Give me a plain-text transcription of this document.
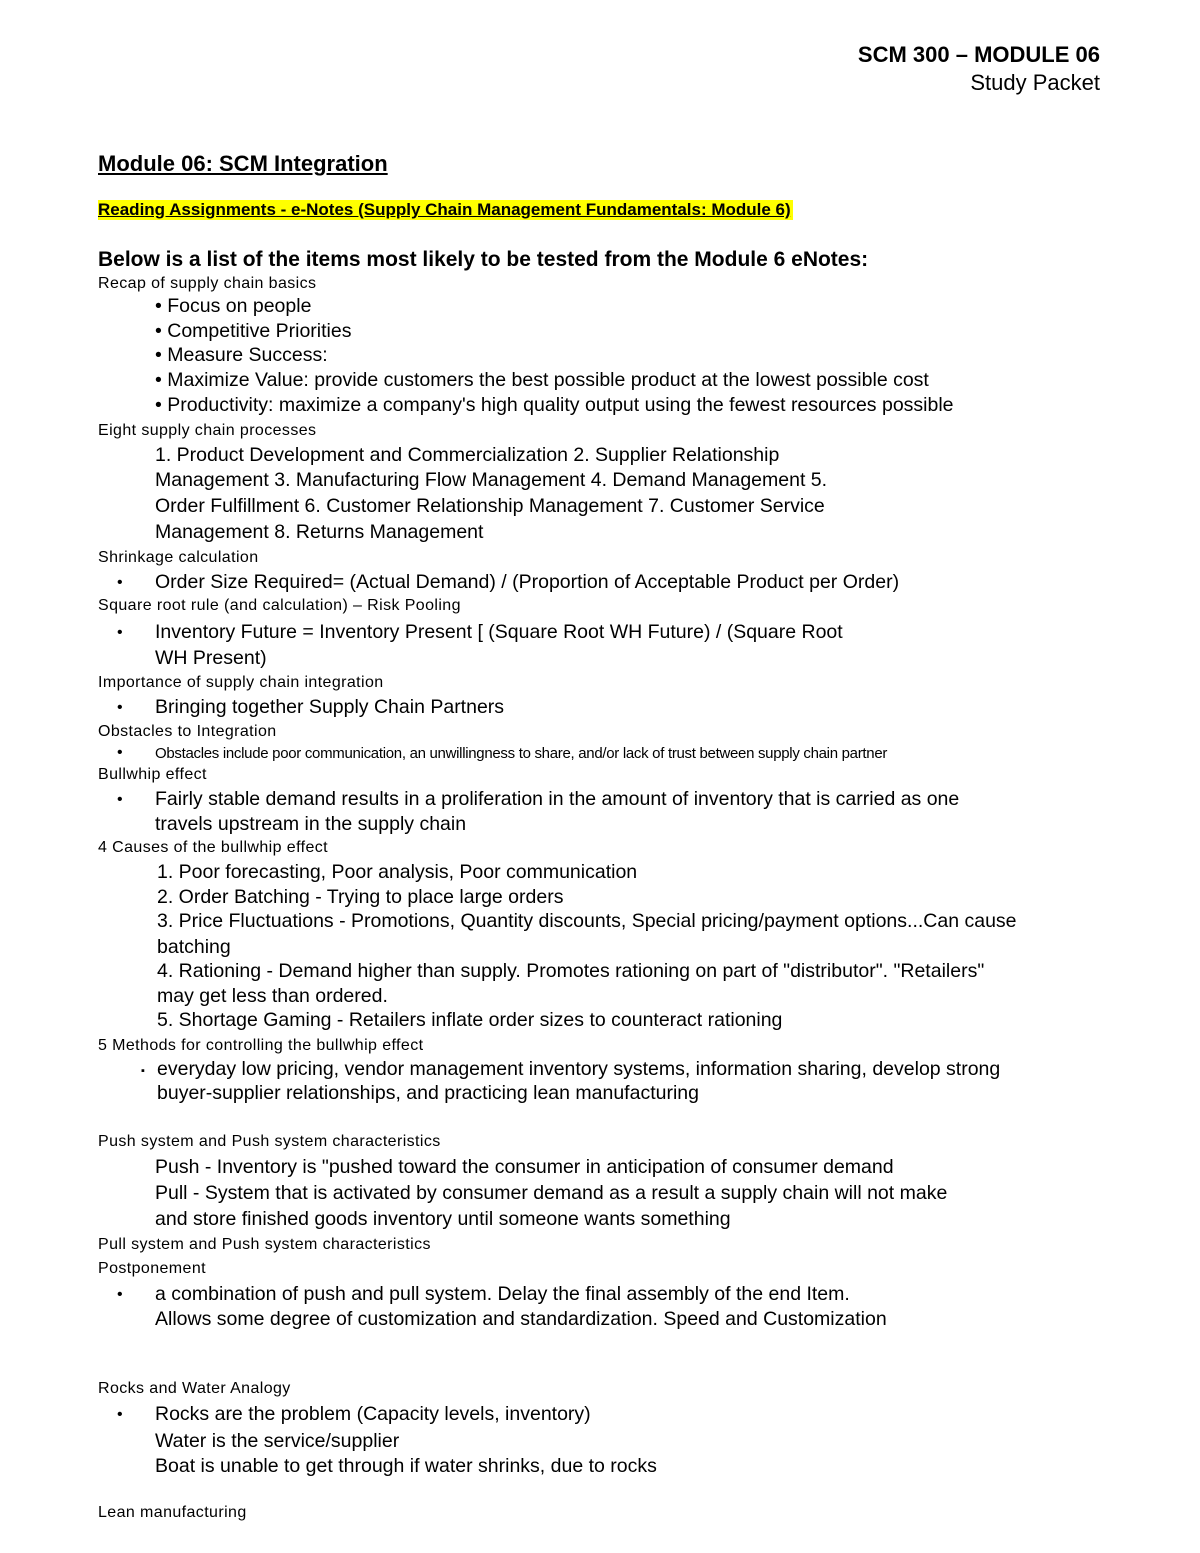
SCM 300 – MODULE 06
Study Packet
Module 06: SCM Integration
Reading Assignments - e-Notes (Supply Chain Management Fundamentals: Module 6)
Below is a list of the items most likely to be tested from the Module 6 eNotes:
Recap of supply chain basics
• Focus on people
• Competitive Priorities
• Measure Success:
• Maximize Value: provide customers the best possible product at the lowest possible cost
• Productivity: maximize a company's high quality output using the fewest resources possible
Eight supply chain processes
1. Product Development and Commercialization 2. Supplier Relationship
Management 3. Manufacturing Flow Management 4. Demand Management 5.
Order Fulfillment 6. Customer Relationship Management 7. Customer Service
Management 8. Returns Management
Shrinkage calculation
• Order Size Required= (Actual Demand) / (Proportion of Acceptable Product per Order)
Square root rule (and calculation) – Risk Pooling
• Inventory Future = Inventory Present [ (Square Root WH Future) / (Square Root
WH Present)
Importance of supply chain integration
• Bringing together Supply Chain Partners
Obstacles to Integration
• Obstacles include poor communication, an unwillingness to share, and/or lack of trust between supply chain partner
Bullwhip effect
• Fairly stable demand results in a proliferation in the amount of inventory that is carried as one
travels upstream in the supply chain
4 Causes of the bullwhip effect
1. Poor forecasting, Poor analysis, Poor communication
2. Order Batching - Trying to place large orders
3. Price Fluctuations - Promotions, Quantity discounts, Special pricing/payment options...Can cause
batching
4. Rationing - Demand higher than supply. Promotes rationing on part of "distributor". "Retailers"
may get less than ordered.
5. Shortage Gaming - Retailers inflate order sizes to counteract rationing
5 Methods for controlling the bullwhip effect
▪ everyday low pricing, vendor management inventory systems, information sharing, develop strong
buyer-supplier relationships, and practicing lean manufacturing
Push system and Push system characteristics
Push - Inventory is "pushed toward the consumer in anticipation of consumer demand
Pull - System that is activated by consumer demand as a result a supply chain will not make
and store finished goods inventory until someone wants something
Pull system and Push system characteristics
Postponement
• a combination of push and pull system. Delay the final assembly of the end Item.
Allows some degree of customization and standardization. Speed and Customization
Rocks and Water Analogy
• Rocks are the problem (Capacity levels, inventory)
Water is the service/supplier
Boat is unable to get through if water shrinks, due to rocks
Lean manufacturing
